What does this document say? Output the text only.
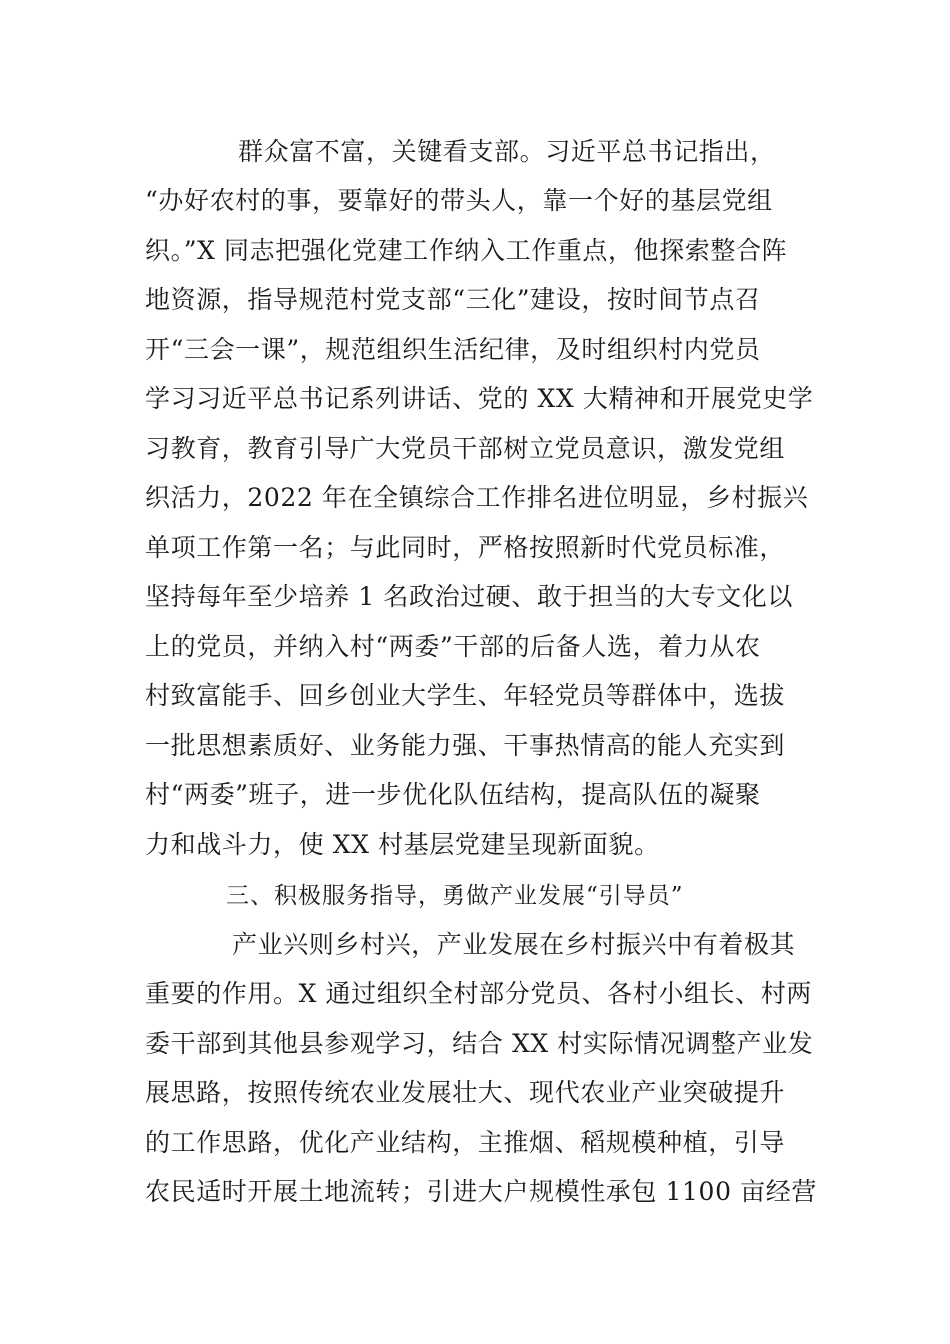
群众富不富，关键看支部。习近平总书记指出，
“办好农村的事，要靠好的带头人，靠一个好的基层党组
织。”X 同志把强化党建工作纳入工作重点，他探索整合阵
地资源，指导规范村党支部“三化”建设，按时间节点召
开“三会一课”，规范组织生活纪律，及时组织村内党员
学习习近平总书记系列讲话、党的 XX 大精神和开展党史学
习教育，教育引导广大党员干部树立党员意识，激发党组
织活力，2022 年在全镇综合工作排名进位明显，乡村振兴
单项工作第一名；与此同时，严格按照新时代党员标准，
坚持每年至少培养 1 名政治过硬、敢于担当的大专文化以
上的党员，并纳入村“两委”干部的后备人选，着力从农
村致富能手、回乡创业大学生、年轻党员等群体中，选拔
一批思想素质好、业务能力强、干事热情高的能人充实到
村“两委”班子，进一步优化队伍结构，提高队伍的凝聚
力和战斗力，使 XX 村基层党建呈现新面貌。
三、积极服务指导，勇做产业发展“引导员”
产业兴则乡村兴，产业发展在乡村振兴中有着极其
重要的作用。X 通过组织全村部分党员、各村小组长、村两
委干部到其他县参观学习，结合 XX 村实际情况调整产业发
展思路，按照传统农业发展壮大、现代农业产业突破提升
的工作思路，优化产业结构，主推烟、稻规模种植，引导
农民适时开展土地流转；引进大户规模性承包 1100 亩经营
